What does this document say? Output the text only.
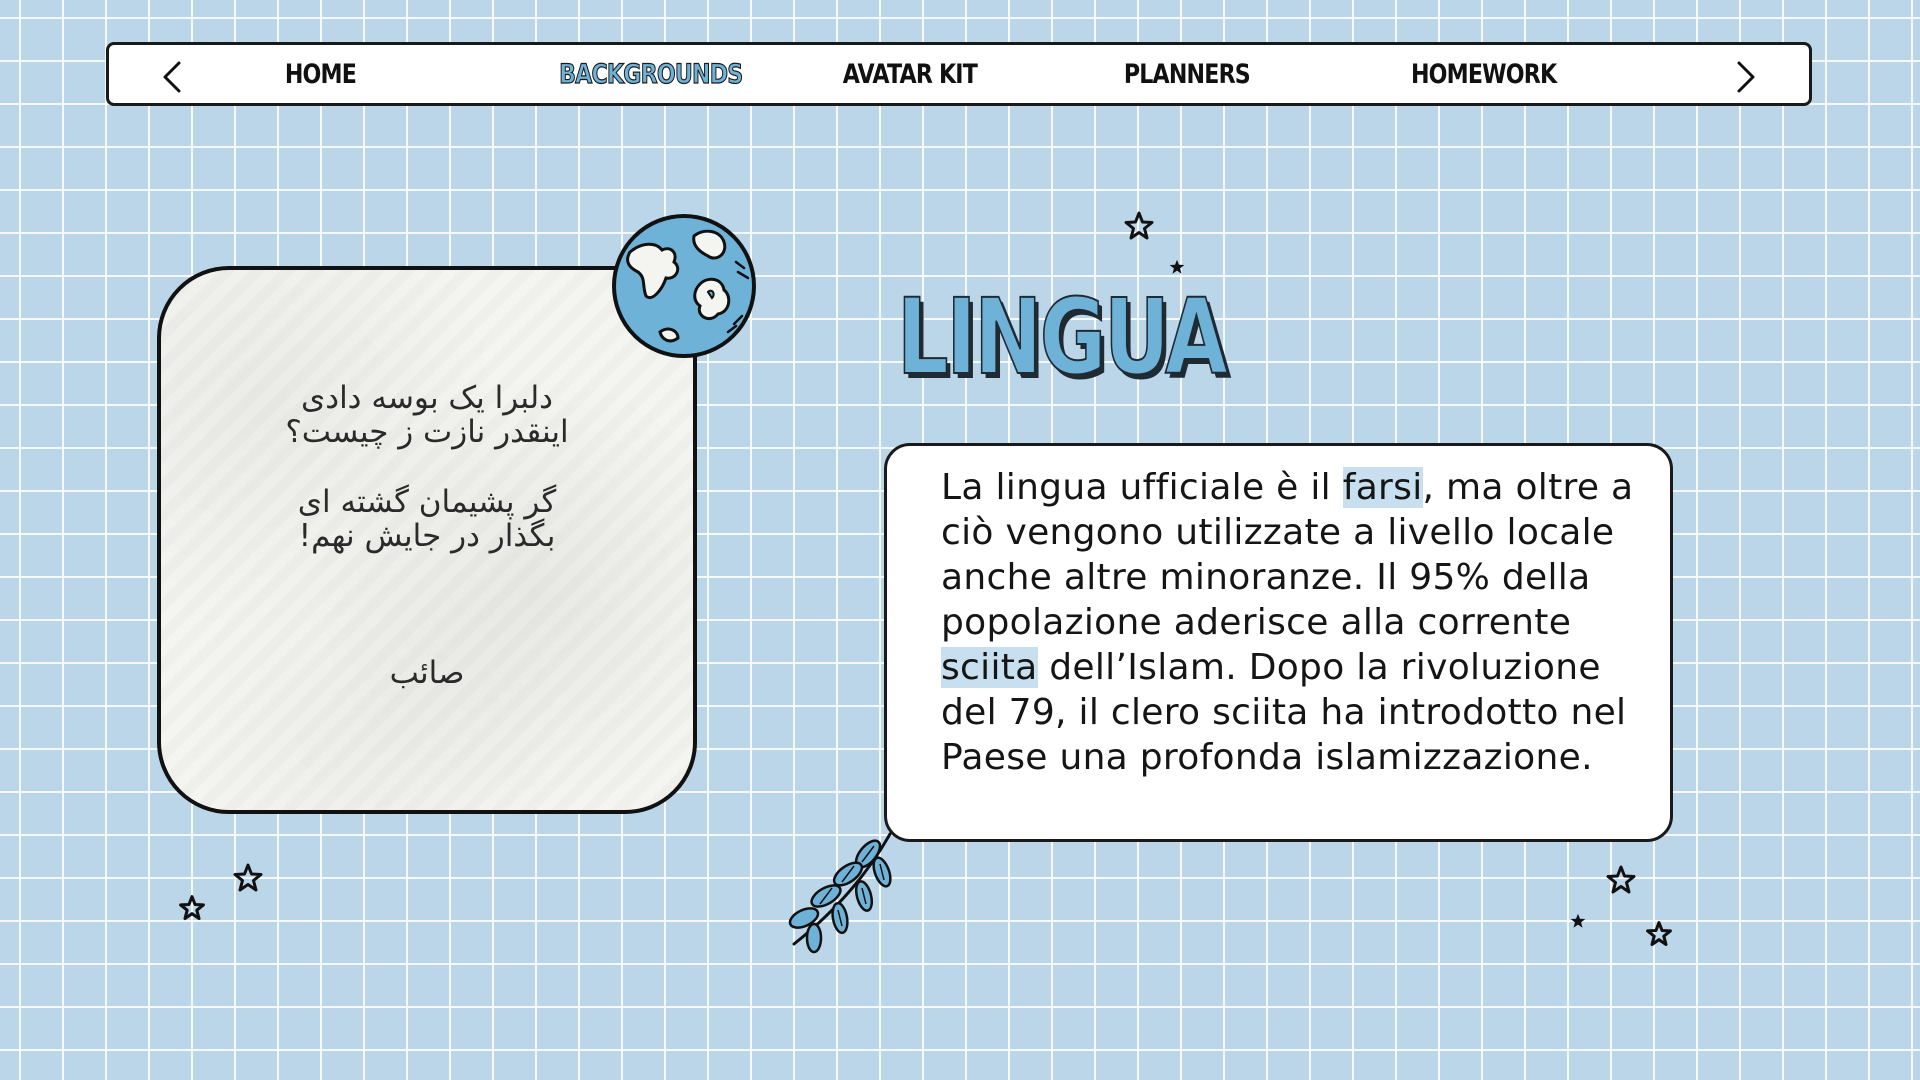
HOME	BACKGROUNDS	AVATAR KIT	PLANNERS	HOMEWORK
دلبرا یک بوسه دادی
اینقدر نازت ز چیست؟
گر پشیمان گشته ای
بگذار در جایش نهم!
صائب
LINGUA
La lingua ufficiale è il farsi, ma oltre a ciò vengono utilizzate a livello locale anche altre minoranze. Il 95% della popolazione aderisce alla corrente sciita dell’Islam. Dopo la rivoluzione del 79, il clero sciita ha introdotto nel Paese una profonda islamizzazione.
